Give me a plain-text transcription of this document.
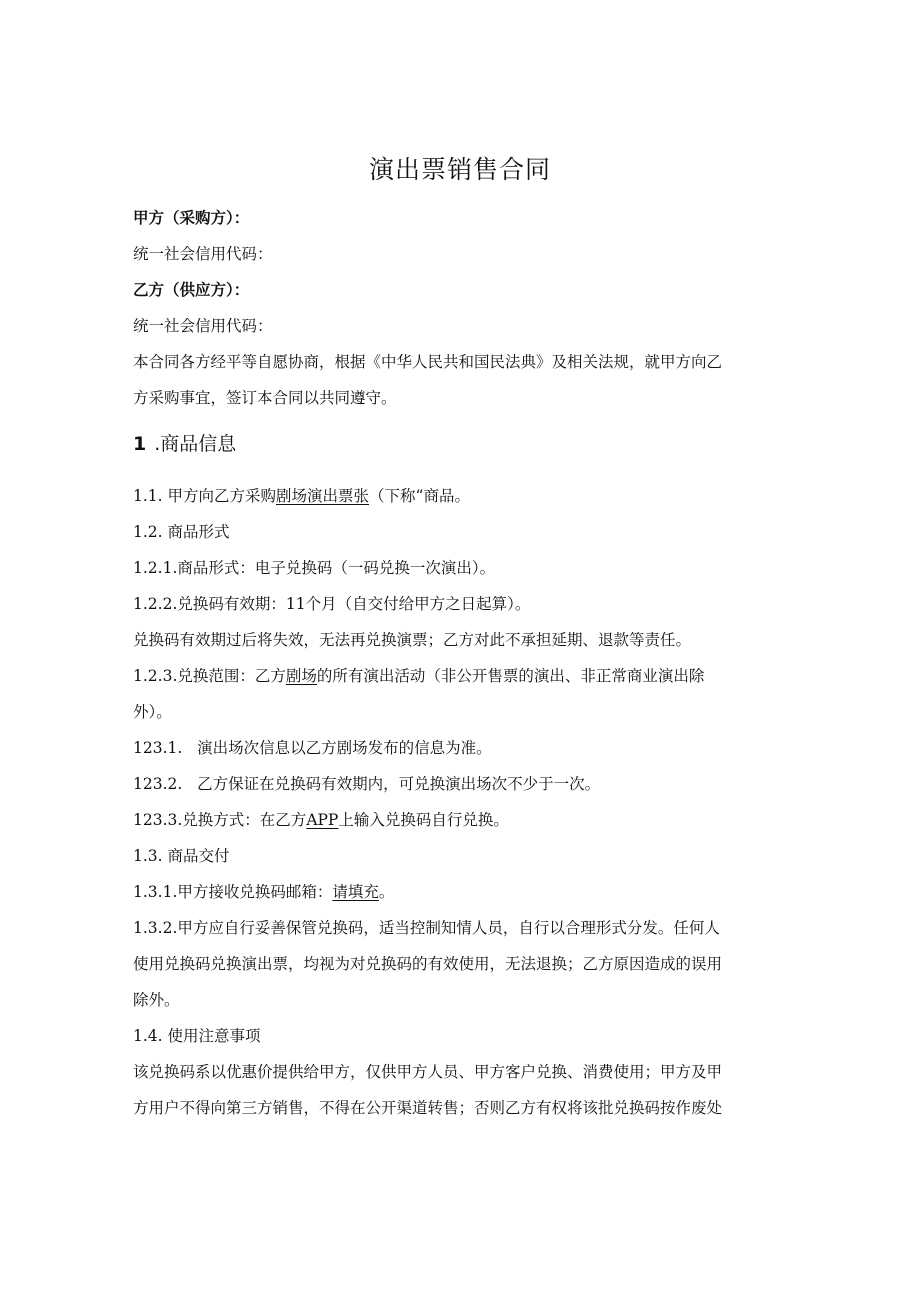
演出票销售合同
甲方（采购方）：
统一社会信用代码：
乙方（供应方）：
统一社会信用代码：
本合同各方经平等自愿协商，根据《中华人民共和国民法典》及相关法规，就甲方向乙
方采购事宜，签订本合同以共同遵守。
1 .商品信息
1.1. 甲方向乙方采购剧场演出票张（下称“商品。
1.2. 商品形式
1.2.1.商品形式：电子兑换码（一码兑换一次演出）。
1.2.2.兑换码有效期：11个月（自交付给甲方之日起算）。
兑换码有效期过后将失效，无法再兑换演票；乙方对此不承担延期、退款等责任。
1.2.3.兑换范围：乙方剧场的所有演出活动（非公开售票的演出、非正常商业演出除
外）。
123.1.   演出场次信息以乙方剧场发布的信息为准。
123.2.   乙方保证在兑换码有效期内，可兑换演出场次不少于一次。
123.3.兑换方式：在乙方APP上输入兑换码自行兑换。
1.3. 商品交付
1.3.1.甲方接收兑换码邮箱：请填充。
1.3.2.甲方应自行妥善保管兑换码，适当控制知情人员，自行以合理形式分发。任何人
使用兑换码兑换演出票，均视为对兑换码的有效使用，无法退换；乙方原因造成的误用
除外。
1.4. 使用注意事项
该兑换码系以优惠价提供给甲方，仅供甲方人员、甲方客户兑换、消费使用；甲方及甲
方用户不得向第三方销售，不得在公开渠道转售；否则乙方有权将该批兑换码按作废处
